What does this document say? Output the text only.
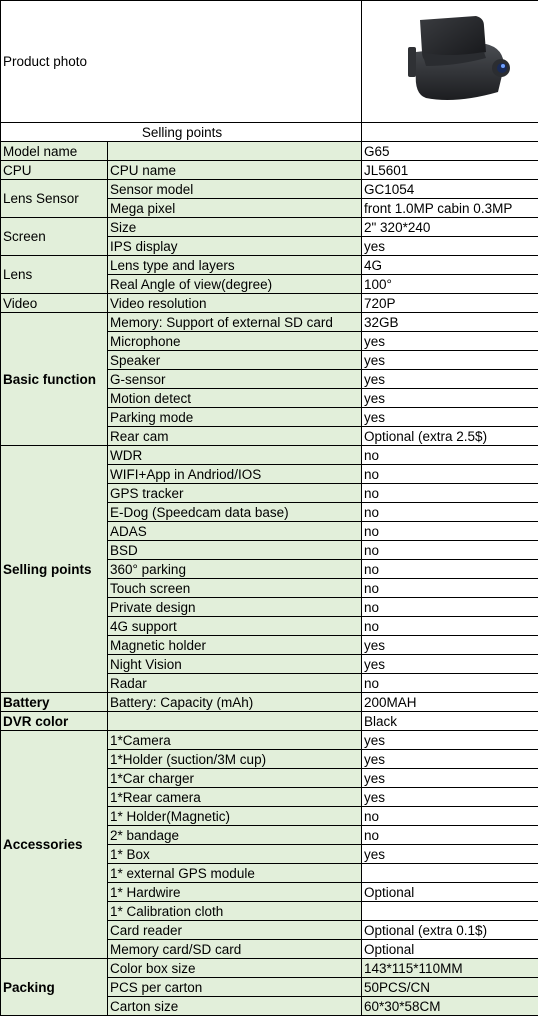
Product photo	

Selling points		
Model name		G65
CPU	CPU name	JL5601
Lens Sensor	Sensor model	GC1054
	Mega pixel	front 1.0MP cabin 0.3MP
Screen	Size	2" 320*240
	IPS display	yes
Lens	Lens type and layers	4G
	Real Angle of view(degree)	100°
Video	Video resolution	720P
Basic function	Memory: Support of external SD card	32GB
	Microphone	yes
	Speaker	yes
	G-sensor	yes
	Motion detect	yes
	Parking mode	yes
	Rear cam	Optional (extra 2.5$)
Selling points	WDR	no
	WIFI+App in Andriod/IOS	no
	GPS tracker	no
	E-Dog (Speedcam data base)	no
	ADAS	no
	BSD	no
	360° parking	no
	Touch screen	no
	Private design	no
	4G support	no
	Magnetic holder	yes
	Night Vision	yes
	Radar	no
Battery	Battery: Capacity (mAh)	200MAH
DVR color		Black
Accessories	1*Camera	yes
	1*Holder (suction/3M cup)	yes
	1*Car charger	yes
	1*Rear camera	yes
	1* Holder(Magnetic)	no
	2* bandage	no
	1* Box	yes
	1* external GPS module	
	1* Hardwire	Optional
	1* Calibration cloth	
	Card reader	Optional (extra 0.1$)
	Memory card/SD card	Optional
Packing	Color box size	143*115*110MM
	PCS per carton	50PCS/CN
	Carton size	60*30*58CM
